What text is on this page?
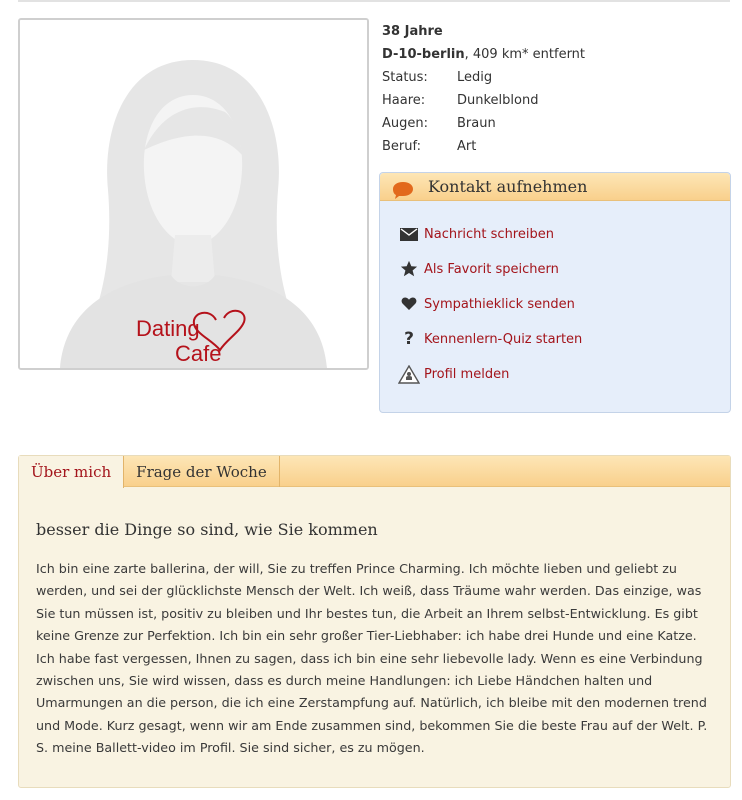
Dating
Cafe
38 Jahre
D-10-berlin, 409 km* entfernt
Status:	Ledig
Haare:	Dunkelblond
Augen:	Braun
Beruf:	Art
Kontakt aufnehmen
Nachricht schreiben
Als Favorit speichern
Sympathieklick senden
? Kennenlern-Quiz starten
Profil melden
Über mich	Frage der Woche
besser die Dinge so sind, wie Sie kommen

Ich bin eine zarte ballerina, der will, Sie zu treffen Prince Charming. Ich möchte lieben und geliebt zu werden, und sei der glücklichste Mensch der Welt. Ich weiß, dass Träume wahr werden. Das einzige, was Sie tun müssen ist, positiv zu bleiben und Ihr bestes tun, die Arbeit an Ihrem selbst-Entwicklung. Es gibt keine Grenze zur Perfektion. Ich bin ein sehr großer Tier-Liebhaber: ich habe drei Hunde und eine Katze. Ich habe fast vergessen, Ihnen zu sagen, dass ich bin eine sehr liebevolle lady. Wenn es eine Verbindung zwischen uns, Sie wird wissen, dass es durch meine Handlungen: ich Liebe Händchen halten und Umarmungen an die person, die ich eine Zerstampfung auf. Natürlich, ich bleibe mit den modernen trend und Mode. Kurz gesagt, wenn wir am Ende zusammen sind, bekommen Sie die beste Frau auf der Welt. P. S. meine Ballett-video im Profil. Sie sind sicher, es zu mögen.
